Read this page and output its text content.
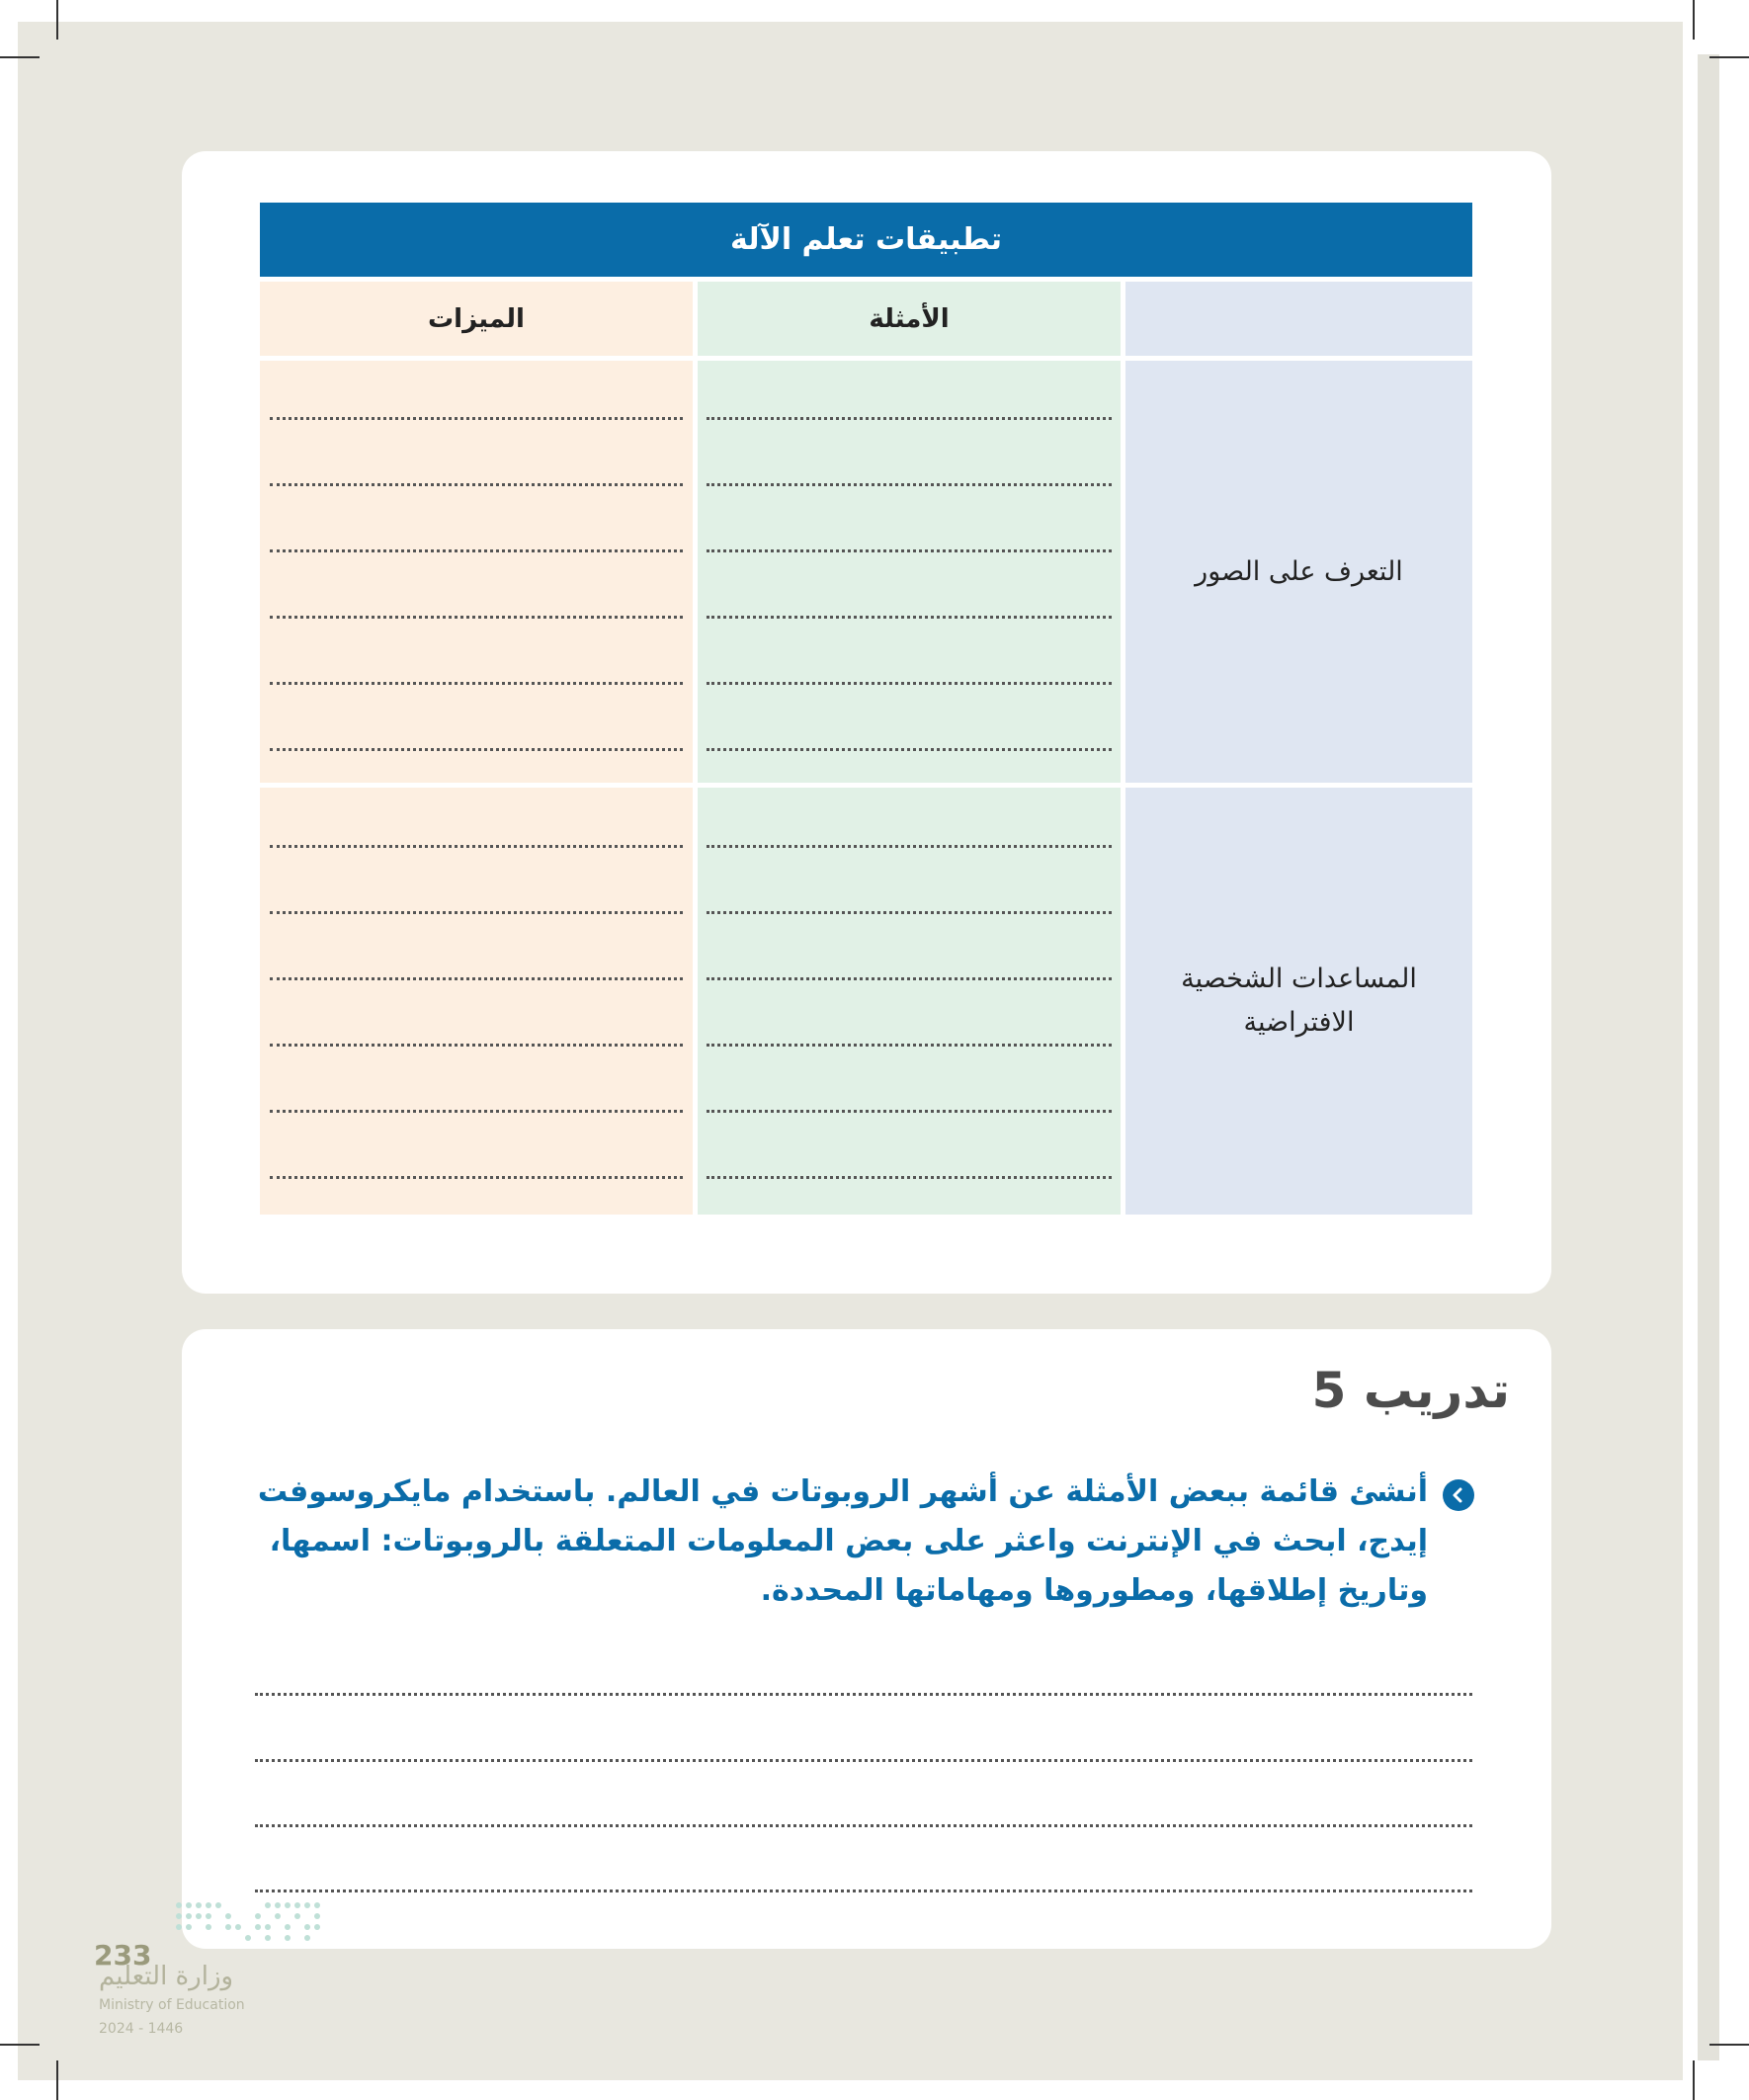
تطبيقات تعلم الآلة
الأمثلة
الميزات
التعرف على الصور
المساعدات الشخصية الافتراضية
تدريب 5
أنشئ قائمة ببعض الأمثلة عن أشهر الروبوتات في العالم. باستخدام مايكروسوفت إيدج، ابحث في الإنترنت واعثر على بعض المعلومات المتعلقة بالروبوتات: اسمها، وتاريخ إطلاقها، ومطوروها ومهاماتها المحددة.
233
وزارة التعليم
Ministry of Education
2024 - 1446
